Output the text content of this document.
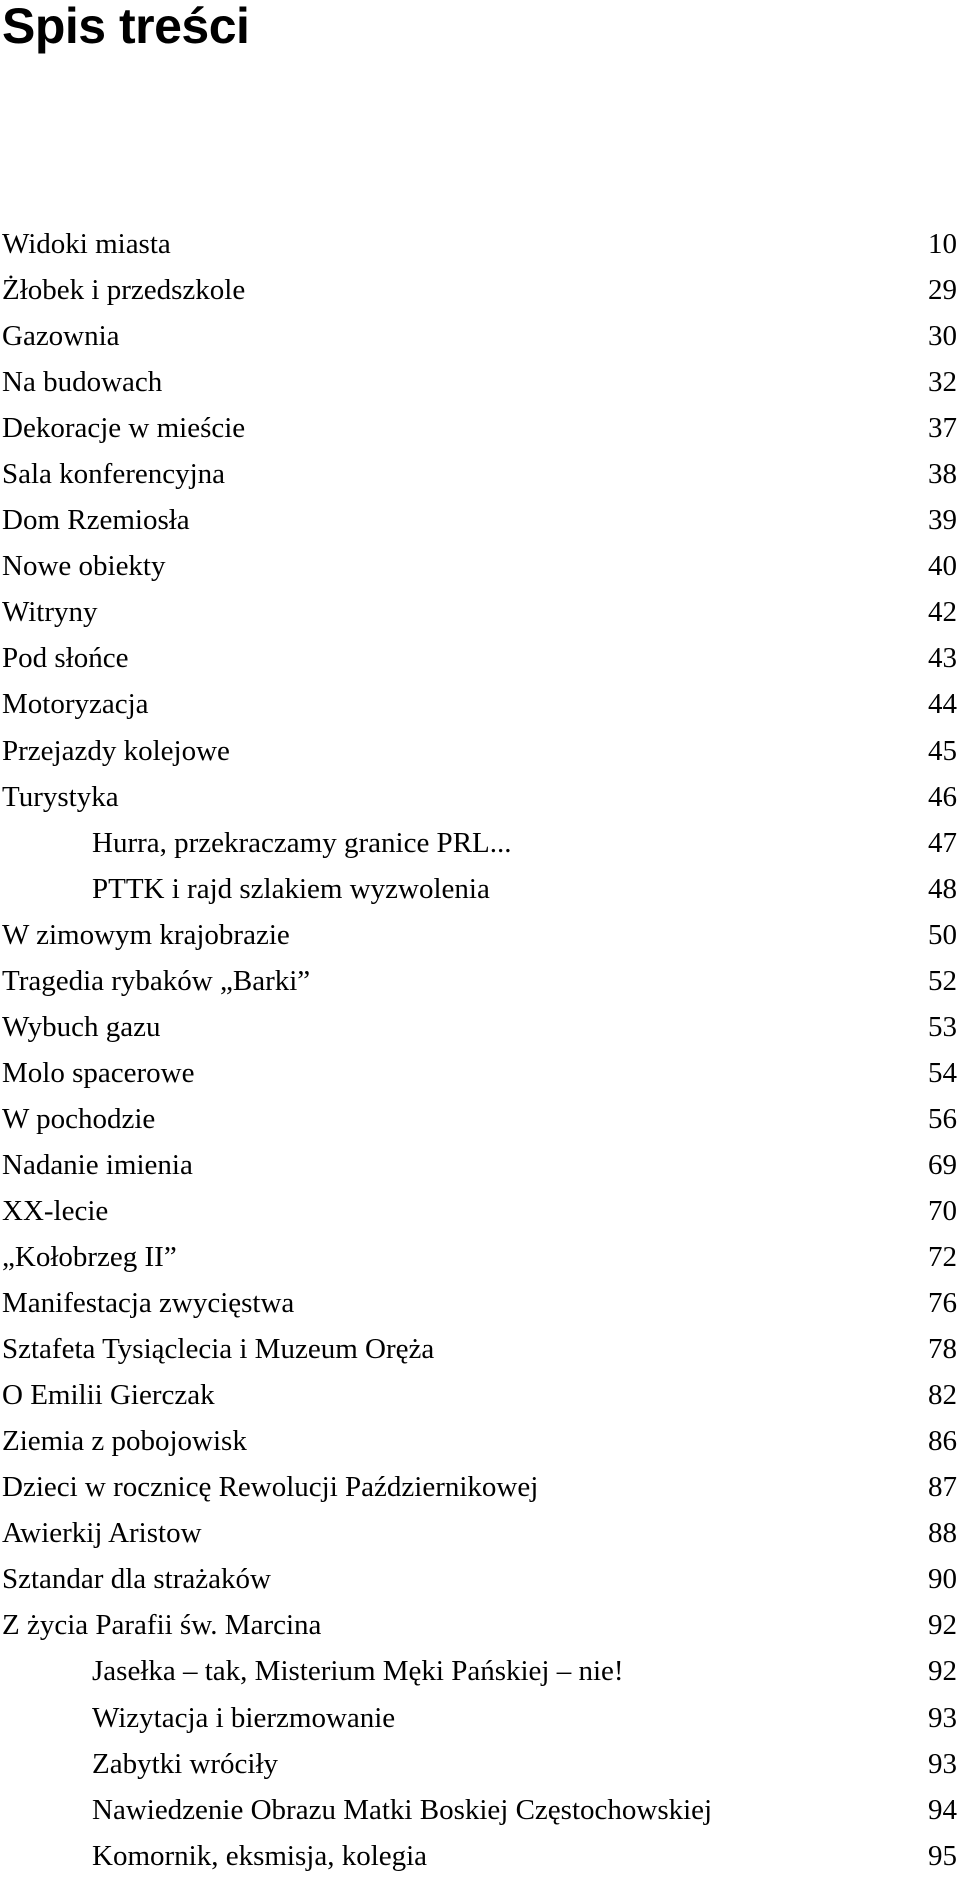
Spis treści
Widoki miasta	10
Żłobek i przedszkole	29
Gazownia	30
Na budowach	32
Dekoracje w mieście	37
Sala konferencyjna	38
Dom Rzemiosła	39
Nowe obiekty	40
Witryny	42
Pod słońce	43
Motoryzacja	44
Przejazdy kolejowe	45
Turystyka	46
Hurra, przekraczamy granice PRL...	47
PTTK i rajd szlakiem wyzwolenia	48
W zimowym krajobrazie	50
Tragedia rybaków „Barki”	52
Wybuch gazu	53
Molo spacerowe	54
W pochodzie	56
Nadanie imienia	69
XX-lecie	70
„Kołobrzeg II”	72
Manifestacja zwycięstwa	76
Sztafeta Tysiąclecia i Muzeum Oręża	78
O Emilii Gierczak	82
Ziemia z pobojowisk	86
Dzieci w rocznicę Rewolucji Październikowej	87
Awierkij Aristow	88
Sztandar dla strażaków	90
Z życia Parafii św. Marcina	92
Jasełka – tak, Misterium Męki Pańskiej – nie!	92
Wizytacja i bierzmowanie	93
Zabytki wróciły	93
Nawiedzenie Obrazu Matki Boskiej Częstochowskiej	94
Komornik, eksmisja, kolegia	95
